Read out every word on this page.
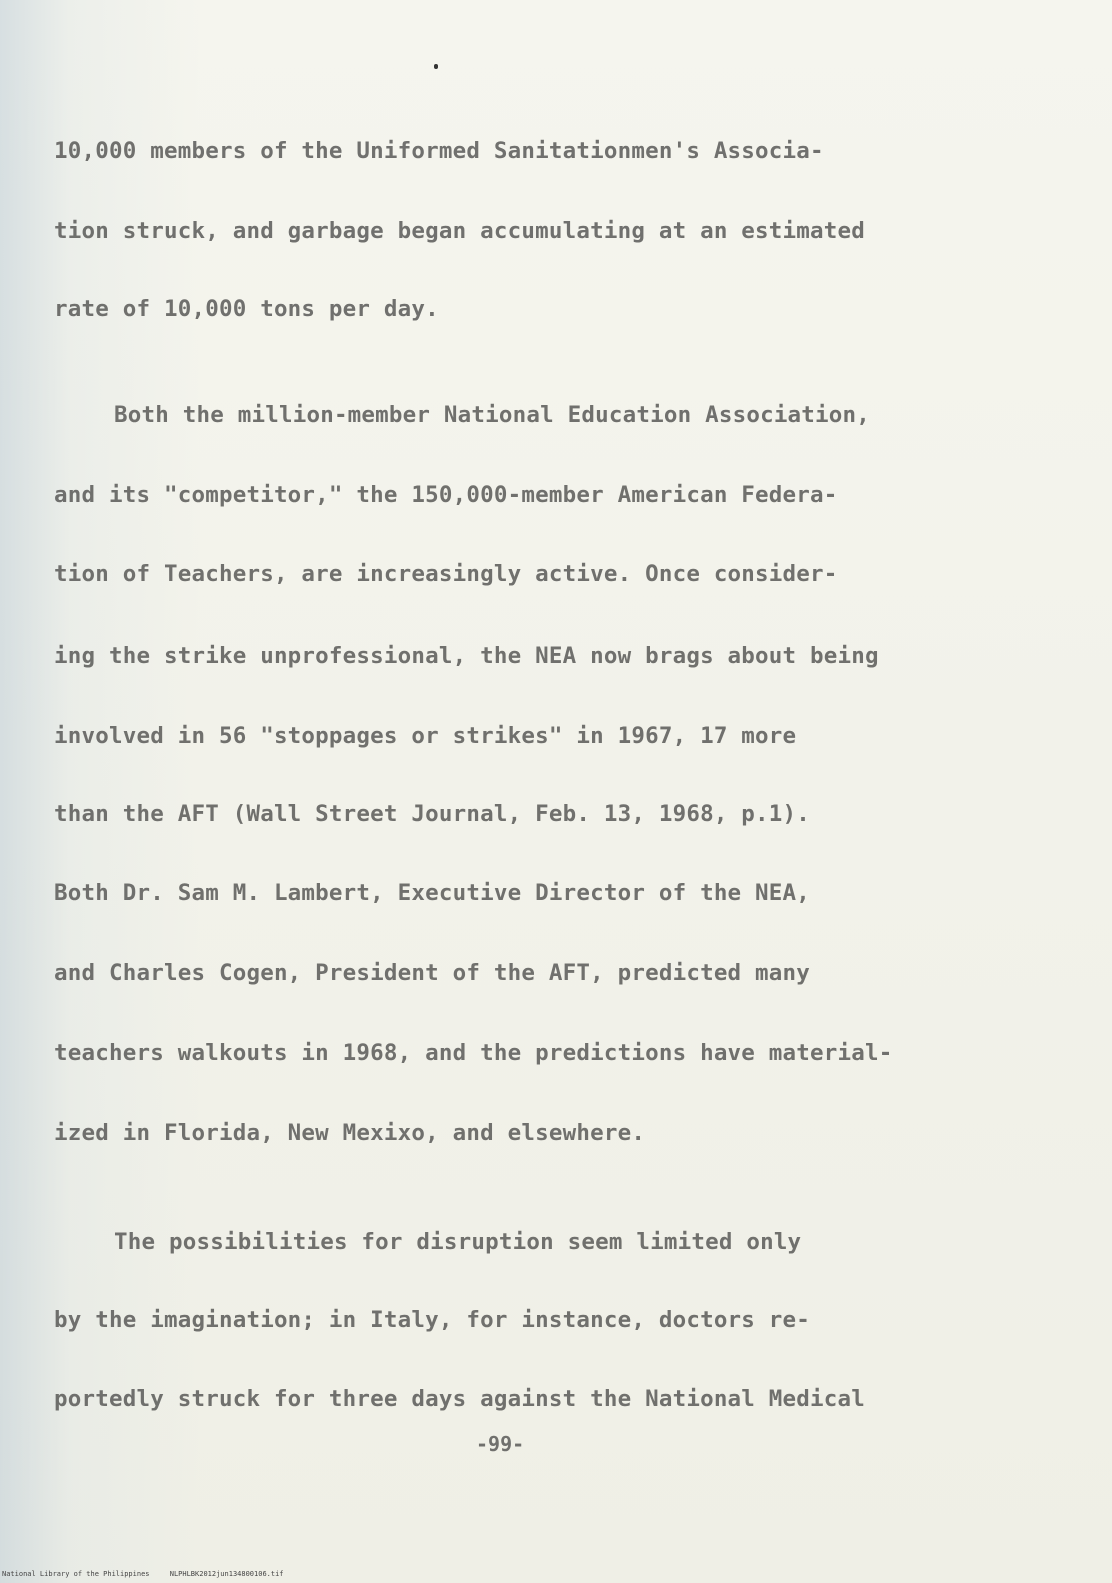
10,000 members of the Uniformed Sanitationmen's Associa-
tion struck, and garbage began accumulating at an estimated
rate of 10,000 tons per day.
Both the million-member National Education Association,
and its "competitor," the 150,000-member American Federa-
tion of Teachers, are increasingly active. Once consider-
ing the strike unprofessional, the NEA now brags about being
involved in 56 "stoppages or strikes" in 1967, 17 more
than the AFT (Wall Street Journal, Feb. 13, 1968, p.1).
Both Dr. Sam M. Lambert, Executive Director of the NEA,
and Charles Cogen, President of the AFT, predicted many
teachers walkouts in 1968, and the predictions have material-
ized in Florida, New Mexixo, and elsewhere.
The possibilities for disruption seem limited only
by the imagination; in Italy, for instance, doctors re-
portedly struck for three days against the National Medical
-99-
National Library of the Philippines	NLPHLBK2012jun134800106.tif
